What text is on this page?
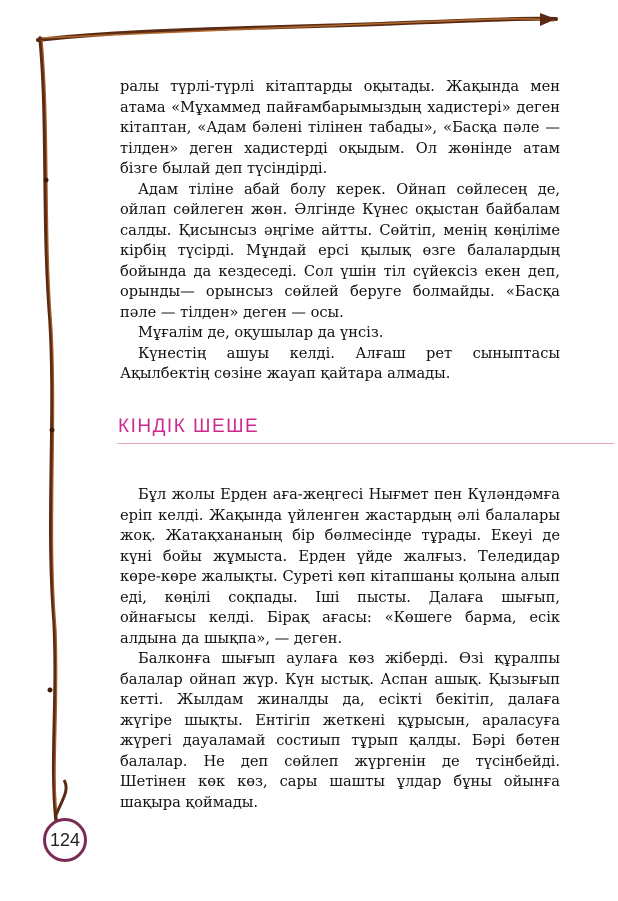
ралы түрлі-түрлі кітаптарды оқытады. Жақында мен атама «Мұхаммед пайғамбарымыздың хадистері» деген кітаптан, «Адам бәлені тілінен табады», «Басқа пәле — тілден» деген хадистерді оқыдым. Ол жөнінде атам бізге былай деп түсіндірді.

Адам тіліне абай болу керек. Ойнап сөйлесең де, ойлап сөйлеген жөн. Әлгінде Күнес оқыстан байбалам салды. Қисынсыз әңгіме айтты. Сөйтіп, менің көңіліме кірбің түсірді. Мұндай ерсі қылық өзге балалардың бойында да кездеседі. Сол үшін тіл сүйексіз екен деп, орынды— орынсыз сөйлей беруге болмайды. «Басқа пәле — тілден» деген — осы.

Мұғалім де, оқушылар да үнсіз.

Күнестің ашуы келді. Алғаш рет сыныптасы Ақылбектің сөзіне жауап қайтара алмады.

КІНДІК ШЕШЕ

Бұл жолы Ерден аға-жеңгесі Нығмет пен Күләндәмға еріп келді. Жақында үйленген жастардың әлі балалары жоқ. Жатақхананың бір бөлмесінде тұрады. Екеуі де күні бойы жұмыста. Ерден үйде жалғыз. Теледидар көре-көре жалықты. Суреті көп кітапшаны қолына алып еді, көңілі соқпады. Іші пысты. Далаға шығып, ойнағысы келді. Бірақ ағасы: «Көшеге барма, есік алдына да шықпа», — деген.

Балконға шығып аулаға көз жіберді. Өзі құралпы балалар ойнап жүр. Күн ыстық. Аспан ашық. Қызығып кетті. Жылдам жиналды да, есікті бекітіп, далаға жүгіре шықты. Ентігіп жеткені құрысын, араласуға жүрегі дауаламай состиып тұрып қалды. Бәрі бөтен балалар. Не деп сөйлеп жүргенін де түсінбейді. Шетінен көк көз, сары шашты ұлдар бұны ойынға шақыра қоймады.

124
